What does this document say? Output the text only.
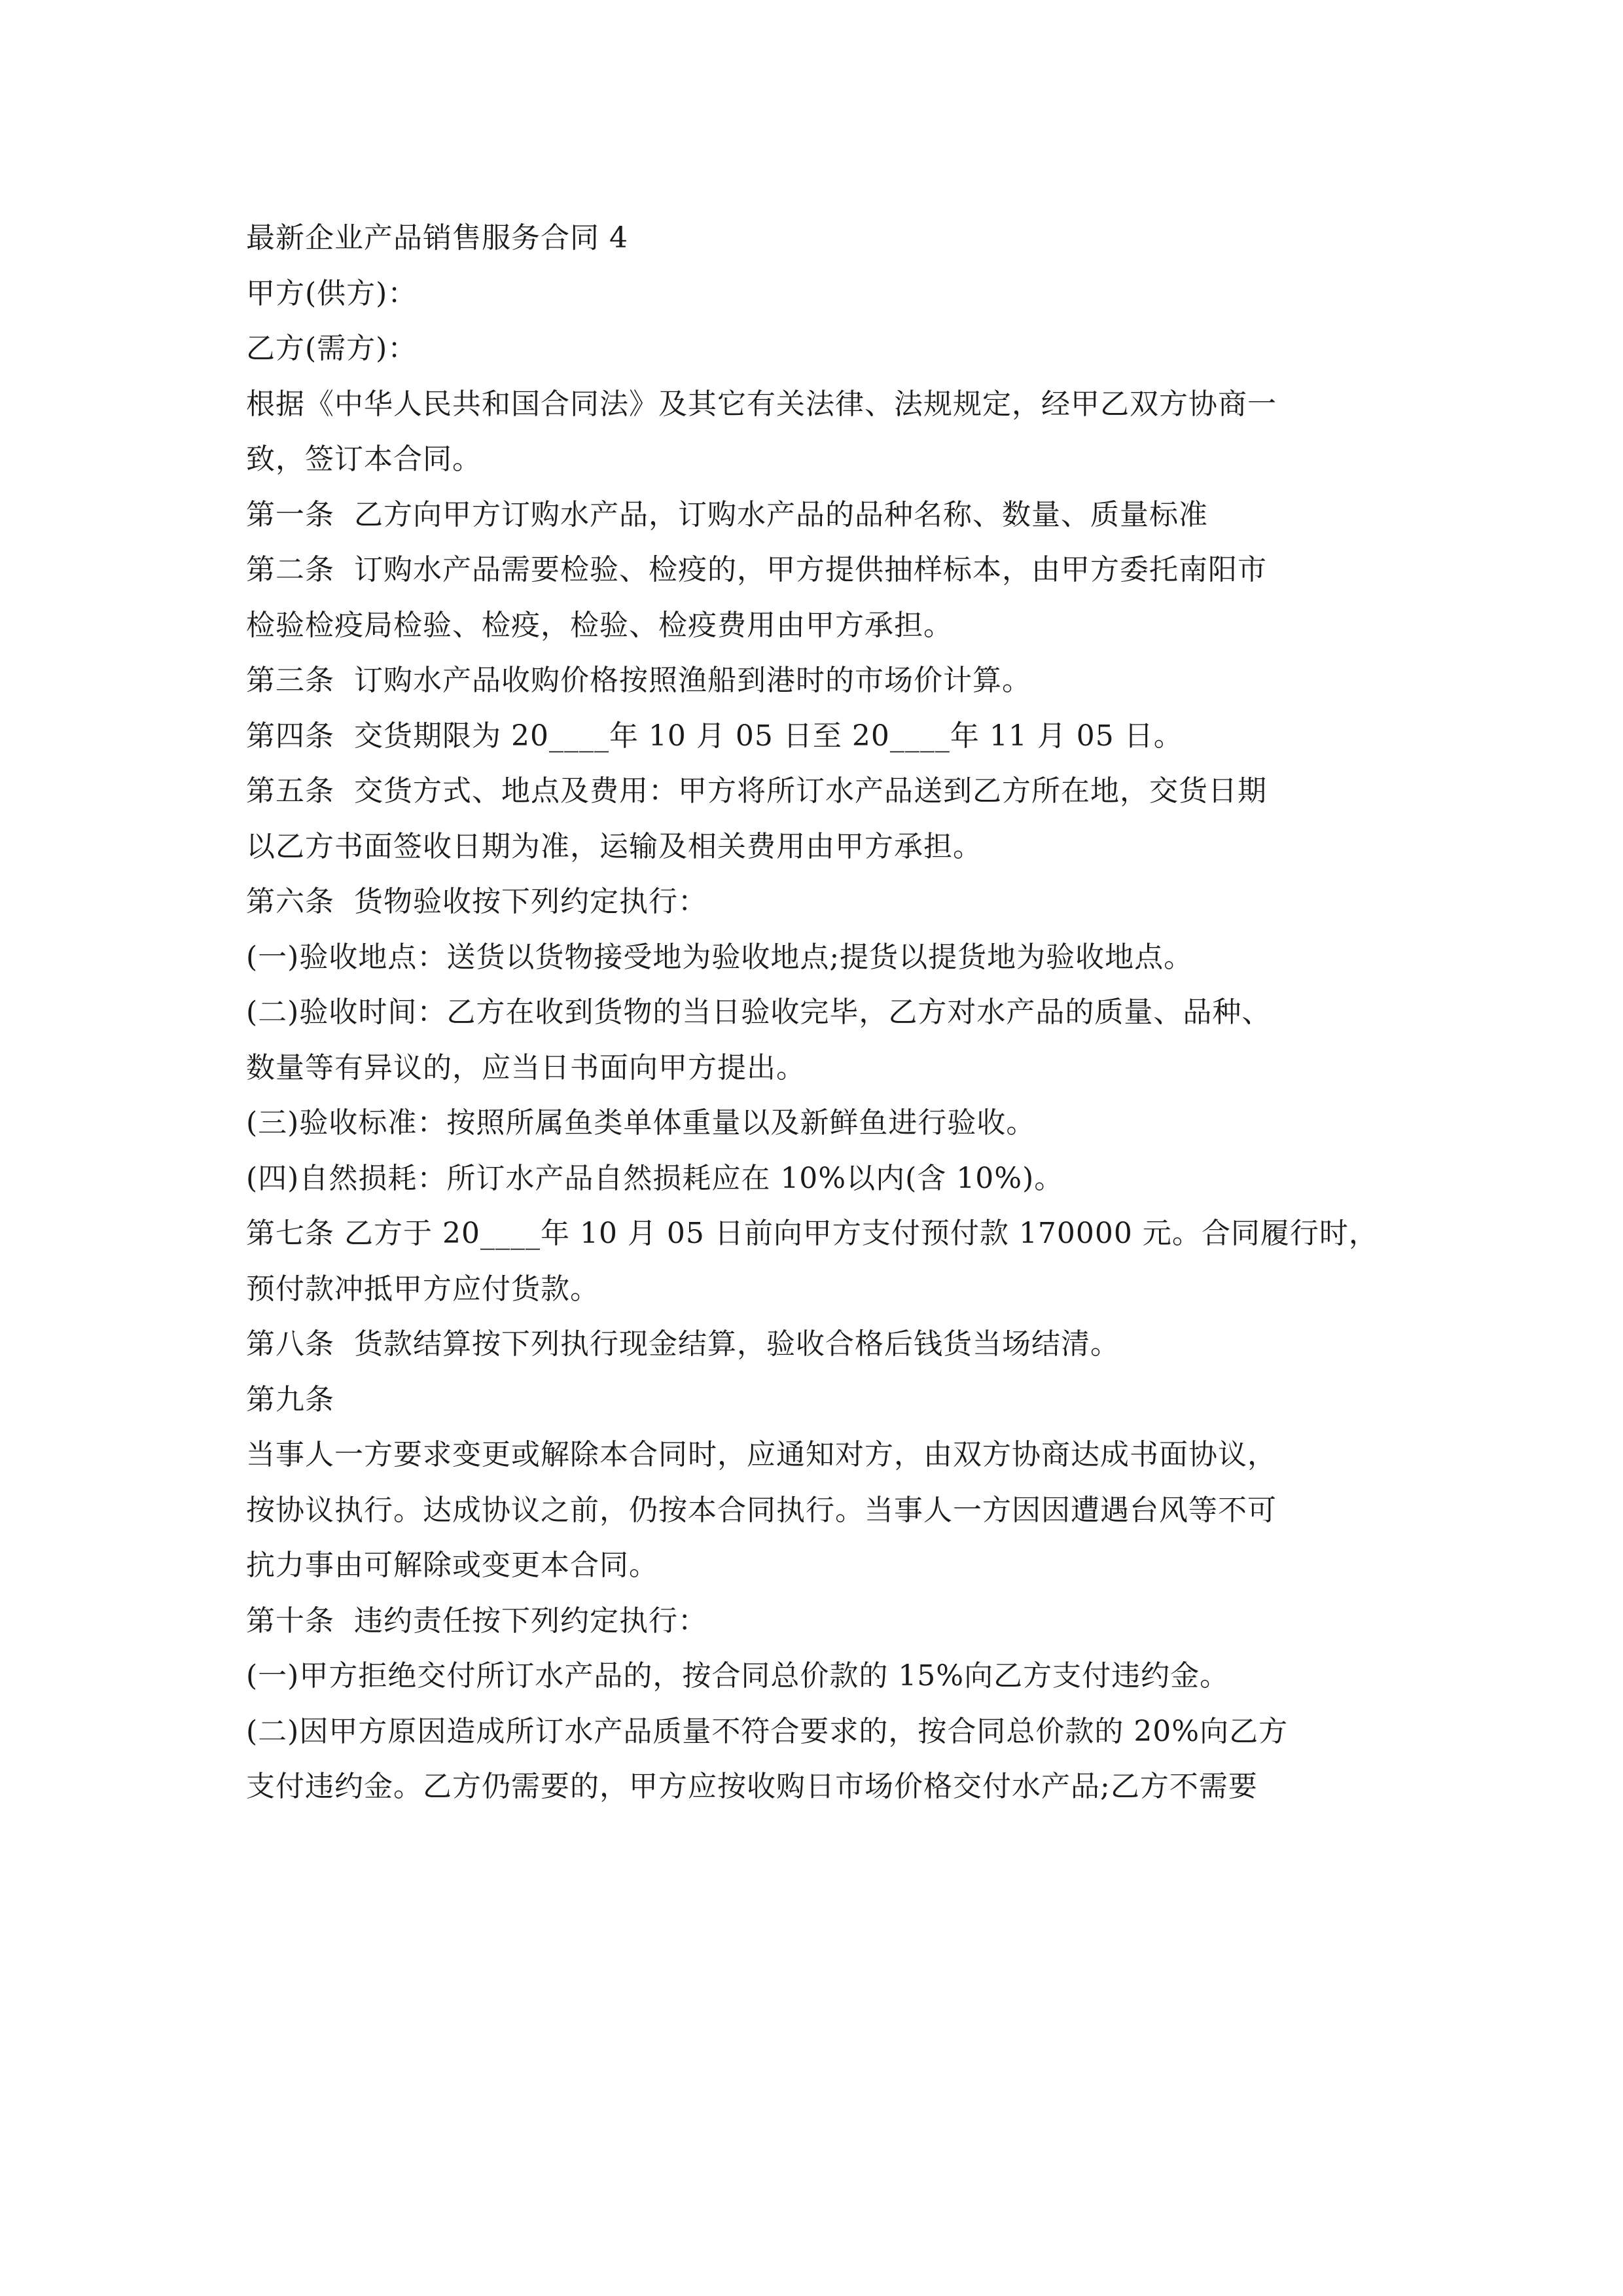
最新企业产品销售服务合同 4

甲方(供方)：

乙方(需方)：

根据《中华人民共和国合同法》及其它有关法律、法规规定，经甲乙双方协商一

致，签订本合同。

第一条  乙方向甲方订购水产品，订购水产品的品种名称、数量、质量标准

第二条  订购水产品需要检验、检疫的，甲方提供抽样标本，由甲方委托南阳市

检验检疫局检验、检疫，检验、检疫费用由甲方承担。

第三条  订购水产品收购价格按照渔船到港时的市场价计算。

第四条  交货期限为 20____年 10 月 05 日至 20____年 11 月 05 日。

第五条  交货方式、地点及费用：甲方将所订水产品送到乙方所在地，交货日期

以乙方书面签收日期为准，运输及相关费用由甲方承担。

第六条  货物验收按下列约定执行：

(一)验收地点：送货以货物接受地为验收地点;提货以提货地为验收地点。

(二)验收时间：乙方在收到货物的当日验收完毕，乙方对水产品的质量、品种、

数量等有异议的，应当日书面向甲方提出。

(三)验收标准：按照所属鱼类单体重量以及新鲜鱼进行验收。

(四)自然损耗：所订水产品自然损耗应在 10%以内(含 10%)。

第七条 乙方于 20____年 10 月 05 日前向甲方支付预付款 170000 元。合同履行时，

预付款冲抵甲方应付货款。

第八条  货款结算按下列执行现金结算，验收合格后钱货当场结清。

第九条

当事人一方要求变更或解除本合同时，应通知对方，由双方协商达成书面协议，

按协议执行。达成协议之前，仍按本合同执行。当事人一方因因遭遇台风等不可

抗力事由可解除或变更本合同。

第十条  违约责任按下列约定执行：

(一)甲方拒绝交付所订水产品的，按合同总价款的 15%向乙方支付违约金。

(二)因甲方原因造成所订水产品质量不符合要求的，按合同总价款的 20%向乙方

支付违约金。乙方仍需要的，甲方应按收购日市场价格交付水产品;乙方不需要
